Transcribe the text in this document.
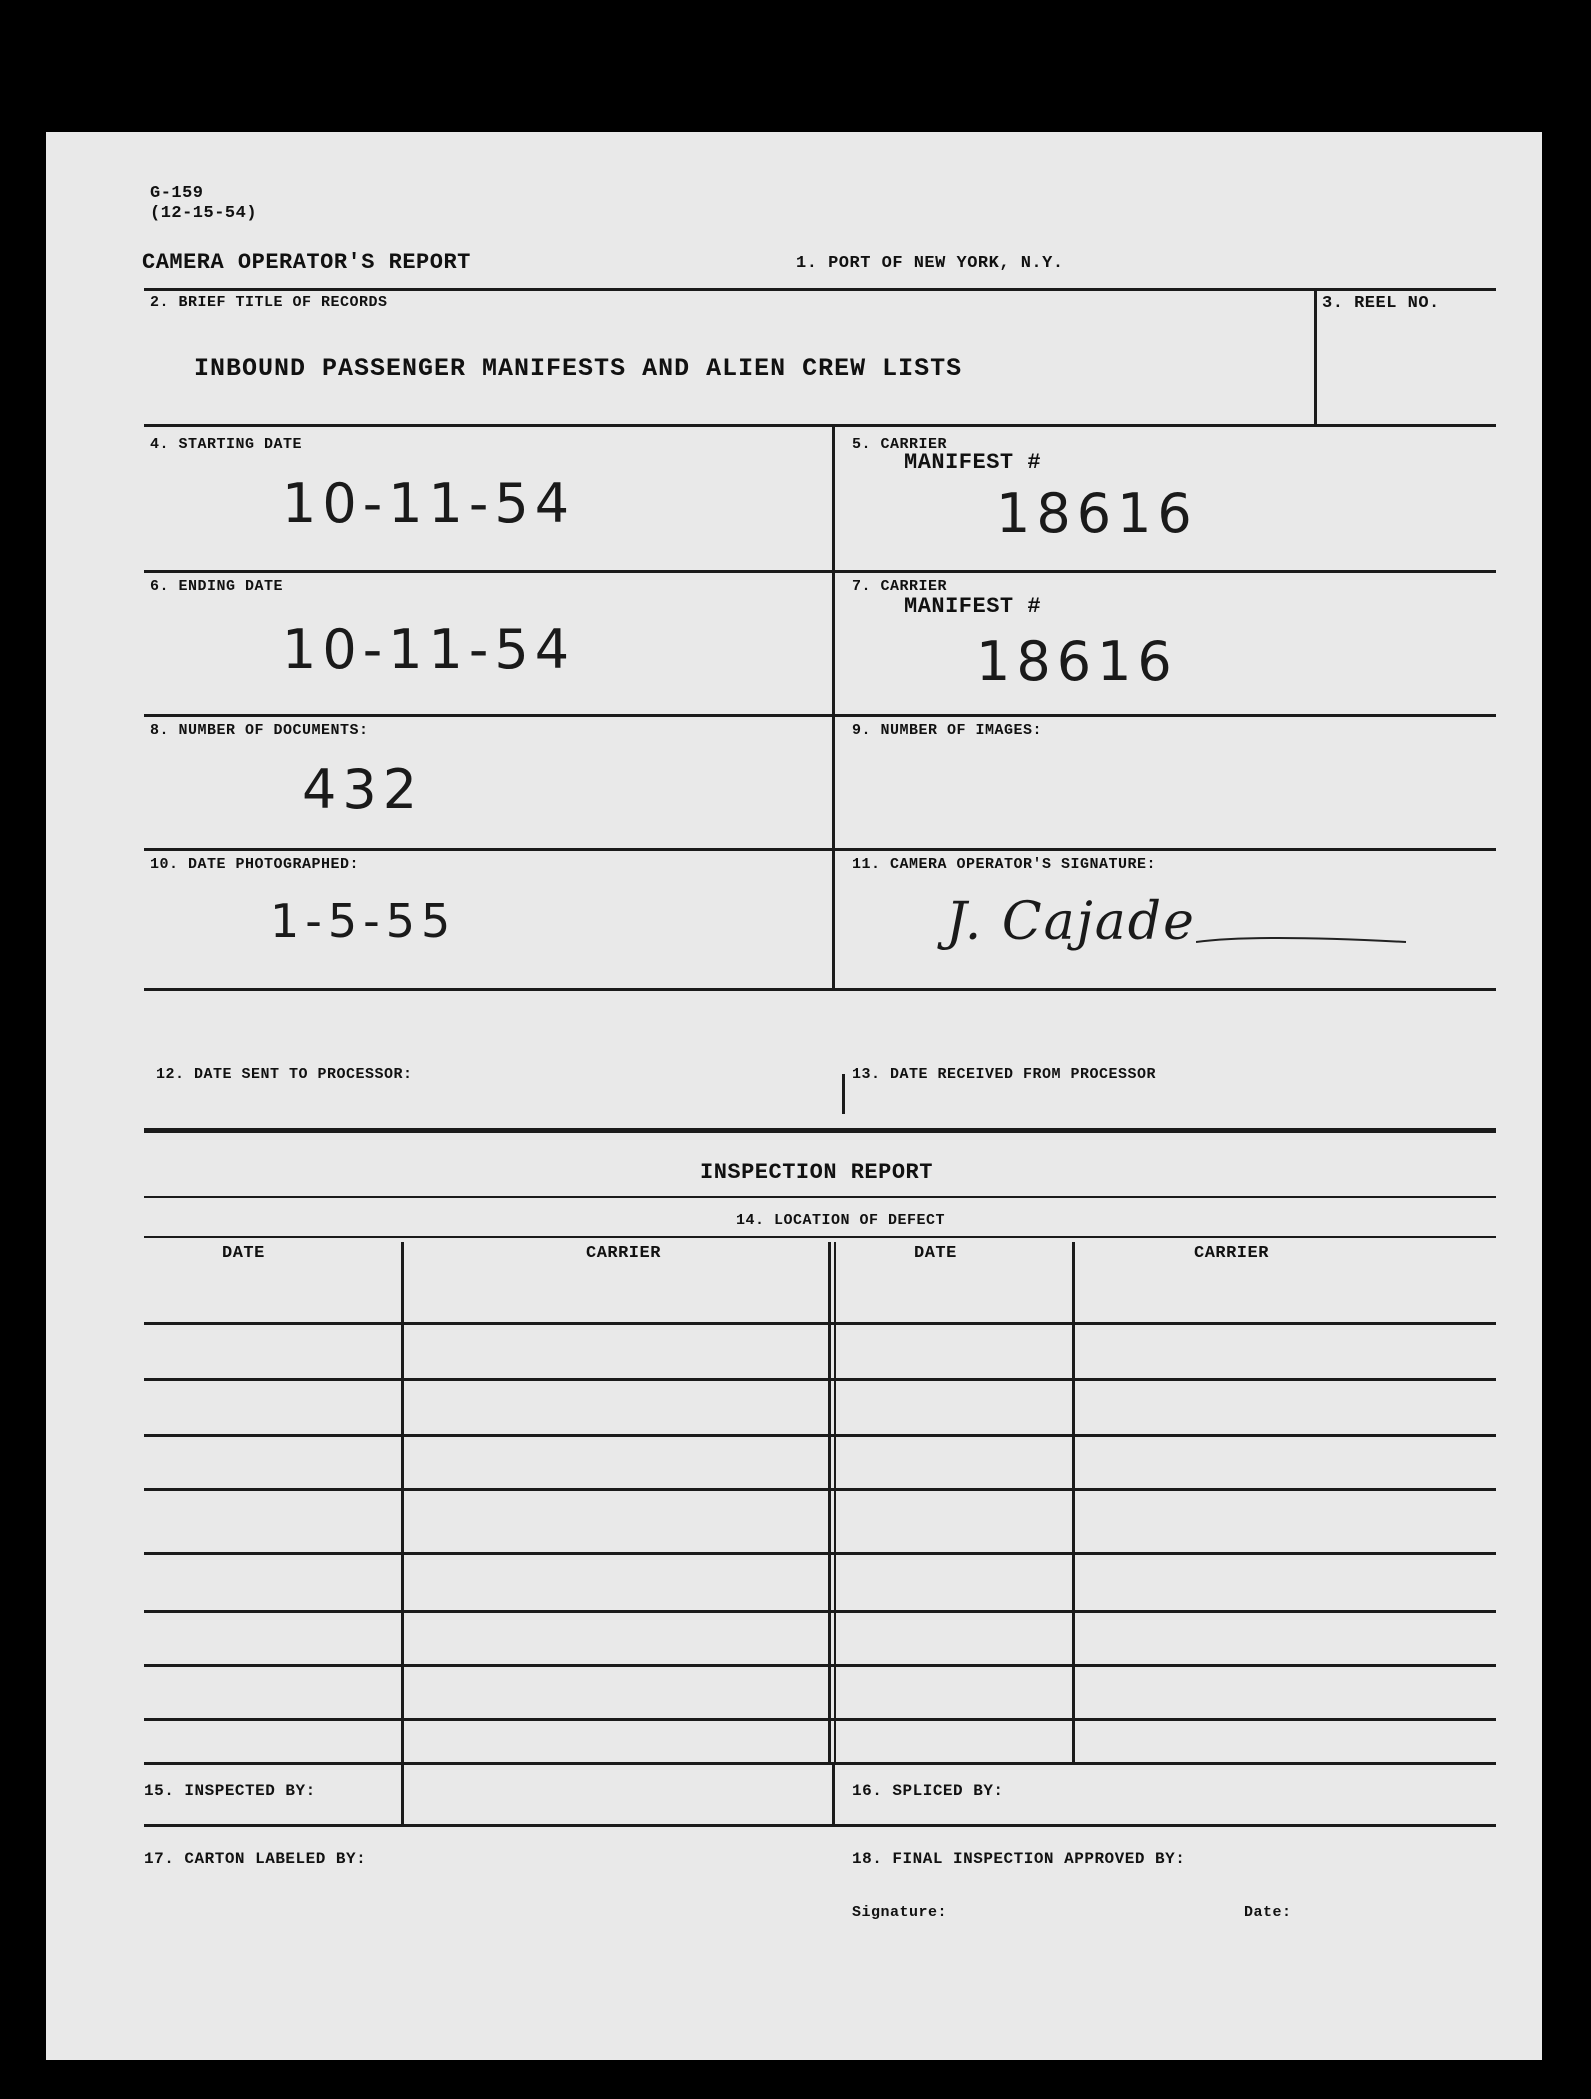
G-159
(12-15-54)
CAMERA OPERATOR'S REPORT	1. PORT OF NEW YORK, N.Y.
2. BRIEF TITLE OF RECORDS
INBOUND PASSENGER MANIFESTS AND ALIEN CREW LISTS
3. REEL NO.
4. STARTING DATE
10-11-54
5. CARRIER
MANIFEST #
18616
6. ENDING DATE
10-11-54
7. CARRIER
MANIFEST #
18616
8. NUMBER OF DOCUMENTS:
432
9. NUMBER OF IMAGES:
10. DATE PHOTOGRAPHED:
1-5-55
11. CAMERA OPERATOR'S SIGNATURE:
J. Cajade
12. DATE SENT TO PROCESSOR:	13. DATE RECEIVED FROM PROCESSOR
INSPECTION REPORT
14. LOCATION OF DEFECT
DATE	CARRIER	DATE	CARRIER
15. INSPECTED BY:	16. SPLICED BY:
17. CARTON LABELED BY:	18. FINAL INSPECTION APPROVED BY:
Signature:	Date:
